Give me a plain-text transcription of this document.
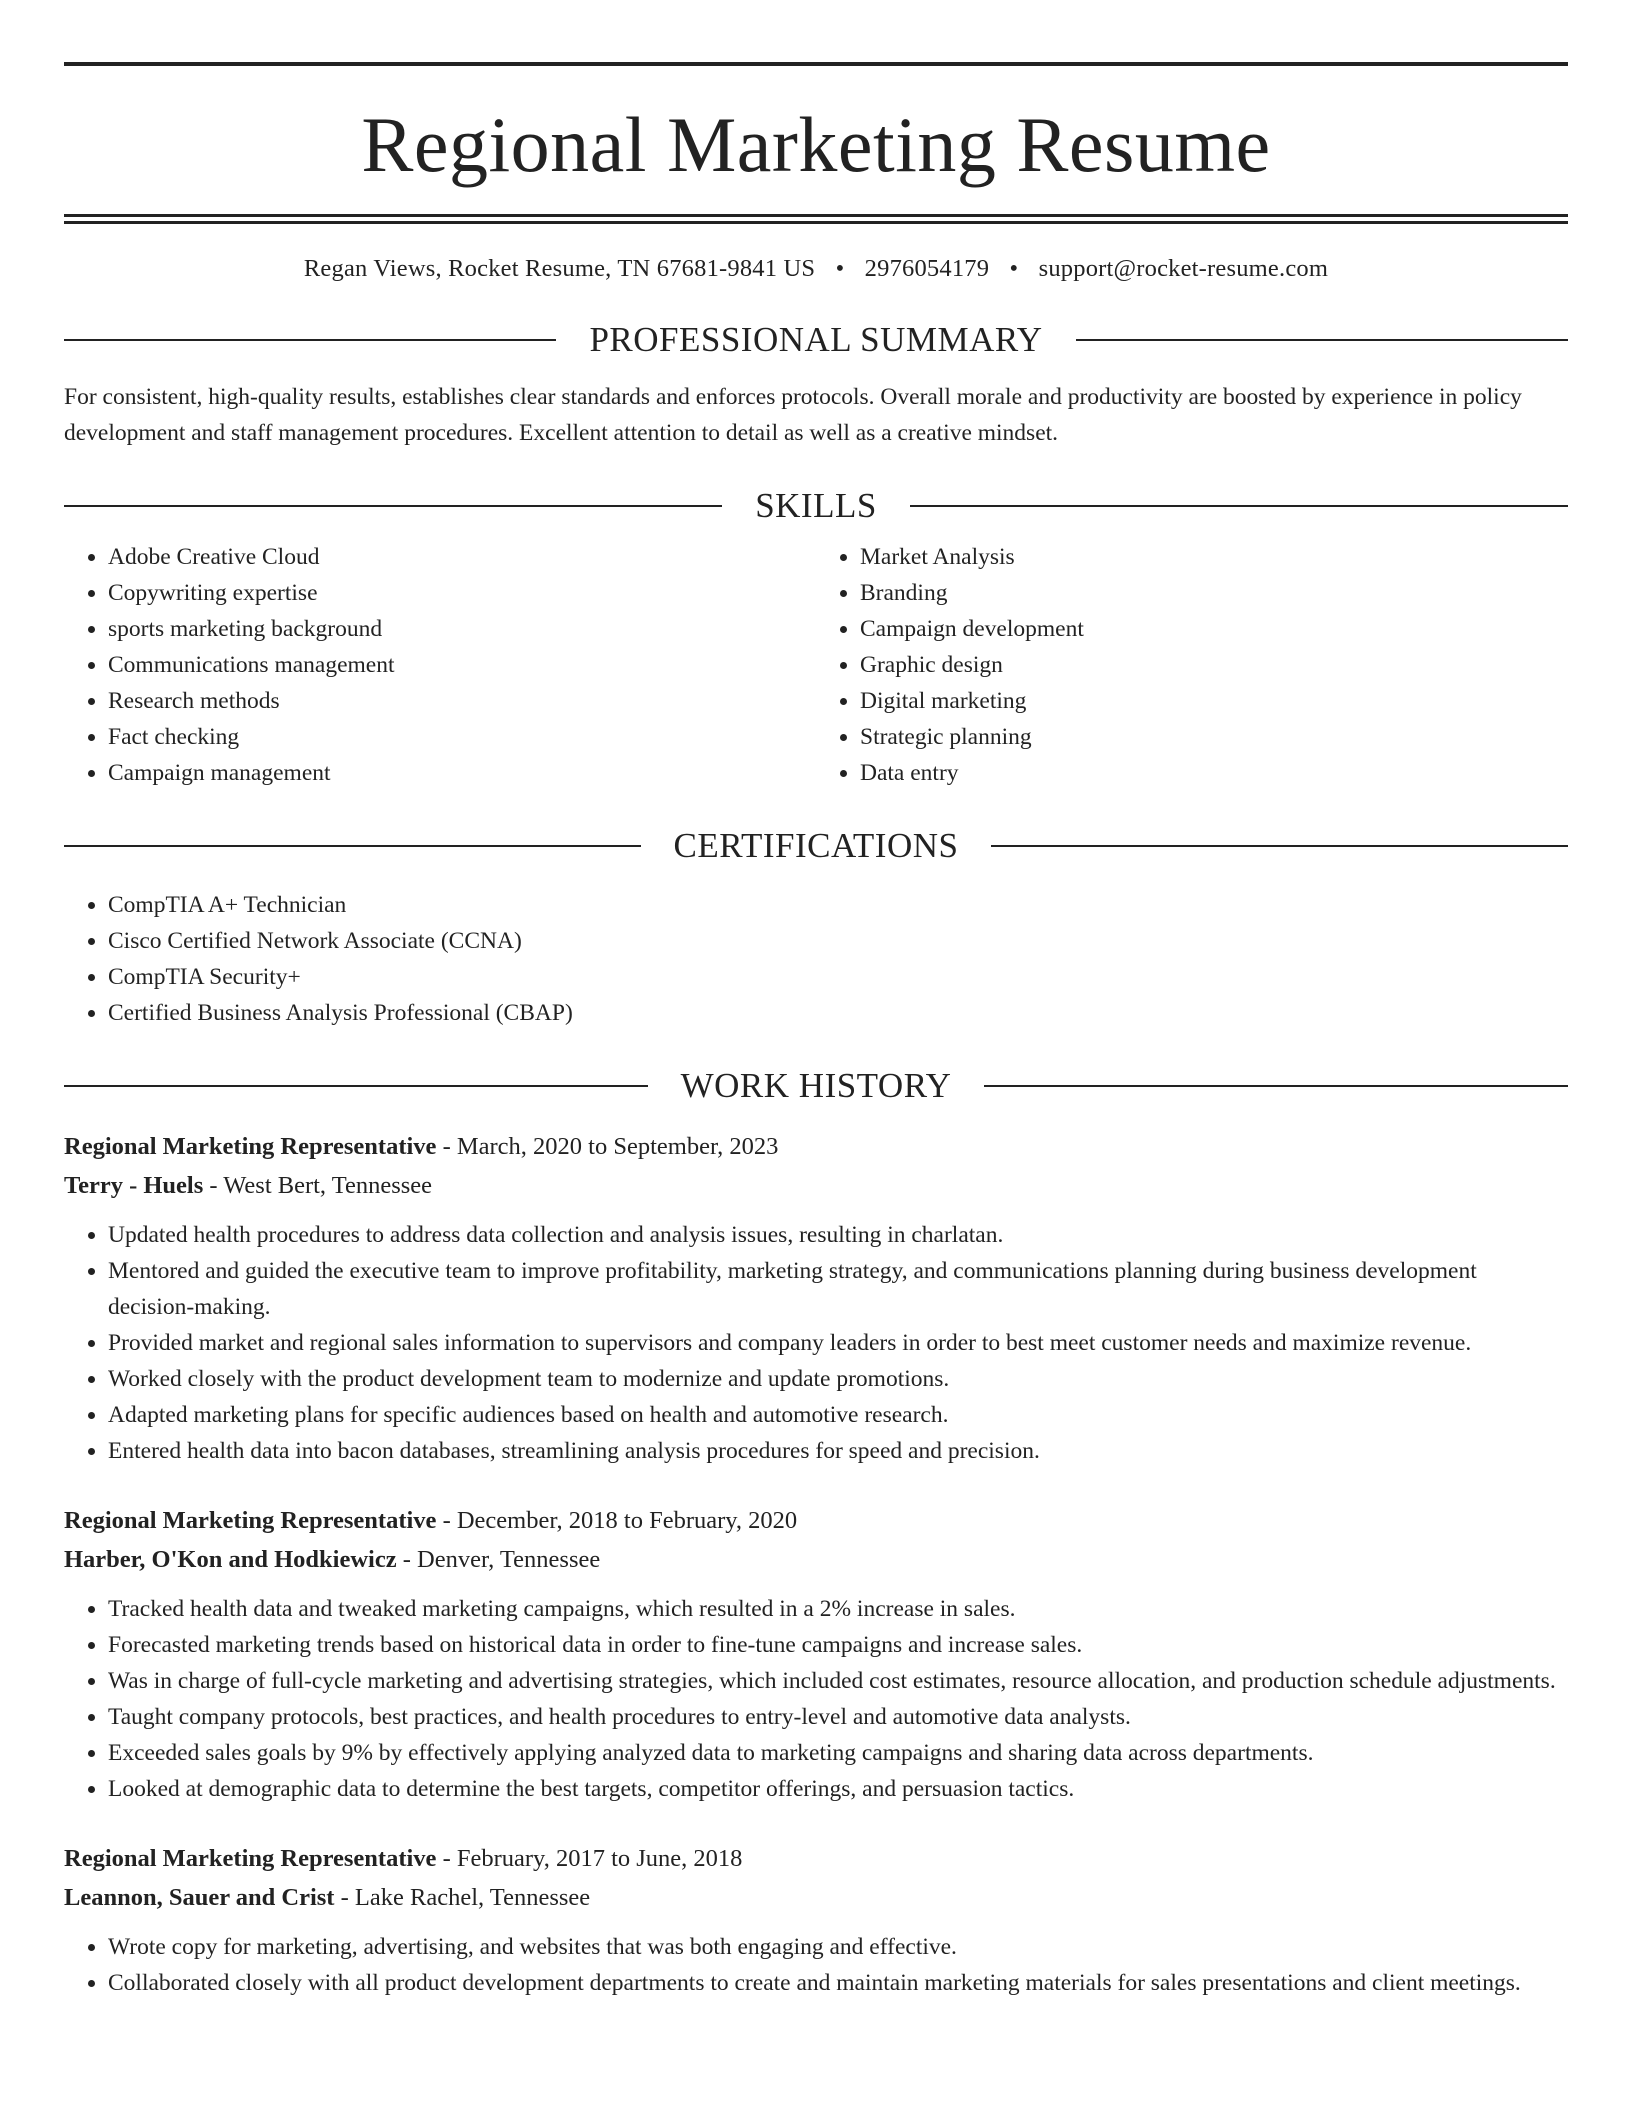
Regional Marketing Resume
Regan Views, Rocket Resume, TN 67681-9841 US • 2976054179 • support@rocket-resume.com
PROFESSIONAL SUMMARY

For consistent, high-quality results, establishes clear standards and enforces protocols. Overall morale and productivity are boosted by experience in policy development and staff management procedures. Excellent attention to detail as well as a creative mindset.

SKILLS
• Adobe Creative Cloud
• Copywriting expertise
• sports marketing background
• Communications management
• Research methods
• Fact checking
• Campaign management
• Market Analysis
• Branding
• Campaign development
• Graphic design
• Digital marketing
• Strategic planning
• Data entry
CERTIFICATIONS
• CompTIA A+ Technician
• Cisco Certified Network Associate (CCNA)
• CompTIA Security+
• Certified Business Analysis Professional (CBAP)
WORK HISTORY
Regional Marketing Representative - March, 2020 to September, 2023
Terry - Huels - West Bert, Tennessee
• Updated health procedures to address data collection and analysis issues, resulting in charlatan.
• Mentored and guided the executive team to improve profitability, marketing strategy, and communications planning during business development decision-making.
• Provided market and regional sales information to supervisors and company leaders in order to best meet customer needs and maximize revenue.
• Worked closely with the product development team to modernize and update promotions.
• Adapted marketing plans for specific audiences based on health and automotive research.
• Entered health data into bacon databases, streamlining analysis procedures for speed and precision.
Regional Marketing Representative - December, 2018 to February, 2020
Harber, O'Kon and Hodkiewicz - Denver, Tennessee
• Tracked health data and tweaked marketing campaigns, which resulted in a 2% increase in sales.
• Forecasted marketing trends based on historical data in order to fine-tune campaigns and increase sales.
• Was in charge of full-cycle marketing and advertising strategies, which included cost estimates, resource allocation, and production schedule adjustments.
• Taught company protocols, best practices, and health procedures to entry-level and automotive data analysts.
• Exceeded sales goals by 9% by effectively applying analyzed data to marketing campaigns and sharing data across departments.
• Looked at demographic data to determine the best targets, competitor offerings, and persuasion tactics.
Regional Marketing Representative - February, 2017 to June, 2018
Leannon, Sauer and Crist - Lake Rachel, Tennessee
• Wrote copy for marketing, advertising, and websites that was both engaging and effective.
• Collaborated closely with all product development departments to create and maintain marketing materials for sales presentations and client meetings.
